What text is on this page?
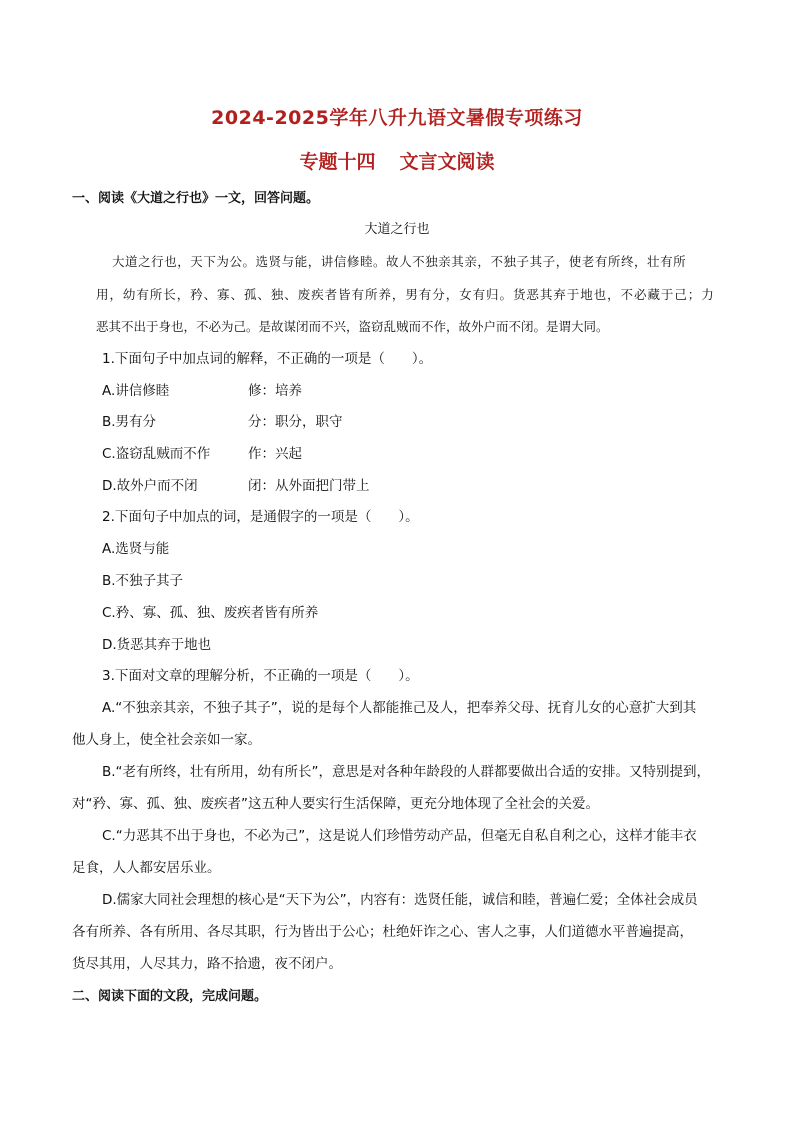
2024-2025学年八升九语文暑假专项练习
专题十四 文言文阅读
一、阅读《大道之行也》一文，回答问题。
大道之行也
大道之行也，天下为公。选贤与能，讲信修睦。故人不独亲其亲，不独子其子，使老有所终，壮有所
用，幼有所长，矜、寡、孤、独、废疾者皆有所养，男有分，女有归。货恶其弃于地也，不必藏于己；力
恶其不出于身也，不必为己。是故谋闭而不兴，盗窃乱贼而不作，故外户而不闭。是谓大同。
1.下面句子中加点词的解释，不正确的一项是（　　）。
A.讲信修睦	修：培养
B.男有分	分：职分，职守
C.盗窃乱贼而不作	作：兴起
D.故外户而不闭	闭：从外面把门带上
2.下面句子中加点的词，是通假字的一项是（　　）。
A.选贤与能
B.不独子其子
C.矜、寡、孤、独、废疾者皆有所养
D.货恶其弃于地也
3.下面对文章的理解分析，不正确的一项是（　　）。
A.“不独亲其亲，不独子其子”，说的是每个人都能推己及人，把奉养父母、抚育儿女的心意扩大到其
他人身上，使全社会亲如一家。
B.“老有所终，壮有所用，幼有所长”，意思是对各种年龄段的人群都要做出合适的安排。又特别提到，
对“矜、寡、孤、独、废疾者”这五种人要实行生活保障，更充分地体现了全社会的关爱。
C.“力恶其不出于身也，不必为己”，这是说人们珍惜劳动产品，但毫无自私自利之心，这样才能丰衣
足食，人人都安居乐业。
D.儒家大同社会理想的核心是“天下为公”，内容有：选贤任能，诚信和睦，普遍仁爱；全体社会成员
各有所养、各有所用、各尽其职，行为皆出于公心；杜绝奸诈之心、害人之事，人们道德水平普遍提高，
货尽其用，人尽其力，路不拾遗，夜不闭户。
二、阅读下面的文段，完成问题。
